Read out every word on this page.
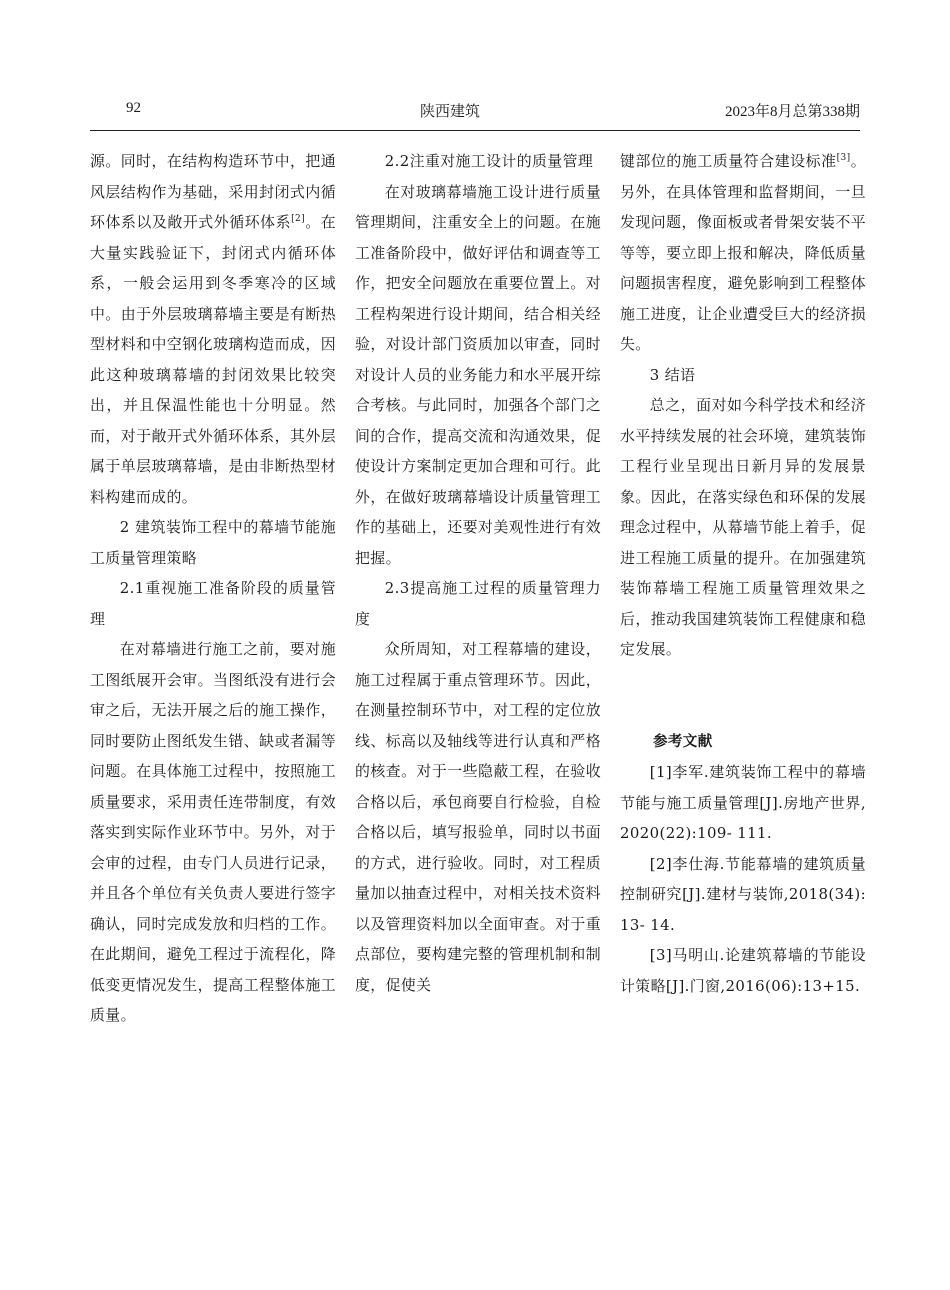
92	陕西建筑	2023年8月总第338期

源。同时，在结构构造环节中，把通风层结构作为基础，采用封闭式内循环体系以及敞开式外循环体系[2]。在大量实践验证下，封闭式内循环体系，一般会运用到冬季寒冷的区域中。由于外层玻璃幕墙主要是有断热型材料和中空钢化玻璃构造而成，因此这种玻璃幕墙的封闭效果比较突出，并且保温性能也十分明显。然而，对于敞开式外循环体系，其外层属于单层玻璃幕墙，是由非断热型材料构建而成的。

2 建筑装饰工程中的幕墙节能施工质量管理策略

2.1重视施工准备阶段的质量管理

在对幕墙进行施工之前，要对施工图纸展开会审。当图纸没有进行会审之后，无法开展之后的施工操作，同时要防止图纸发生错、缺或者漏等问题。在具体施工过程中，按照施工质量要求，采用责任连带制度，有效落实到实际作业环节中。另外，对于会审的过程，由专门人员进行记录，并且各个单位有关负责人要进行签字确认，同时完成发放和归档的工作。在此期间，避免工程过于流程化，降低变更情况发生，提高工程整体施工质量。

2.2注重对施工设计的质量管理

在对玻璃幕墙施工设计进行质量管理期间，注重安全上的问题。在施工准备阶段中，做好评估和调查等工作，把安全问题放在重要位置上。对工程构架进行设计期间，结合相关经验，对设计部门资质加以审查，同时对设计人员的业务能力和水平展开综合考核。与此同时，加强各个部门之间的合作，提高交流和沟通效果，促使设计方案制定更加合理和可行。此外，在做好玻璃幕墙设计质量管理工作的基础上，还要对美观性进行有效把握。

2.3提高施工过程的质量管理力度

众所周知，对工程幕墙的建设，施工过程属于重点管理环节。因此，在测量控制环节中，对工程的定位放线、标高以及轴线等进行认真和严格的核查。对于一些隐蔽工程，在验收合格以后，承包商要自行检验，自检合格以后，填写报验单，同时以书面的方式，进行验收。同时，对工程质量加以抽查过程中，对相关技术资料以及管理资料加以全面审查。对于重点部位，要构建完整的管理机制和制度，促使关

键部位的施工质量符合建设标准[3]。另外，在具体管理和监督期间，一旦发现问题，像面板或者骨架安装不平等等，要立即上报和解决，降低质量问题损害程度，避免影响到工程整体施工进度，让企业遭受巨大的经济损失。

3 结语

总之，面对如今科学技术和经济水平持续发展的社会环境，建筑装饰工程行业呈现出日新月异的发展景象。因此，在落实绿色和环保的发展理念过程中，从幕墙节能上着手，促进工程施工质量的提升。在加强建筑装饰幕墙工程施工质量管理效果之后，推动我国建筑装饰工程健康和稳定发展。

参考文献

[1]李军.建筑装饰工程中的幕墙节能与施工质量管理[J].房地产世界,2020(22):109- 111.

[2]李仕海.节能幕墙的建筑质量控制研究[J].建材与装饰,2018(34):13- 14.

[3]马明山.论建筑幕墙的节能设计策略[J].门窗,2016(06):13+15.
